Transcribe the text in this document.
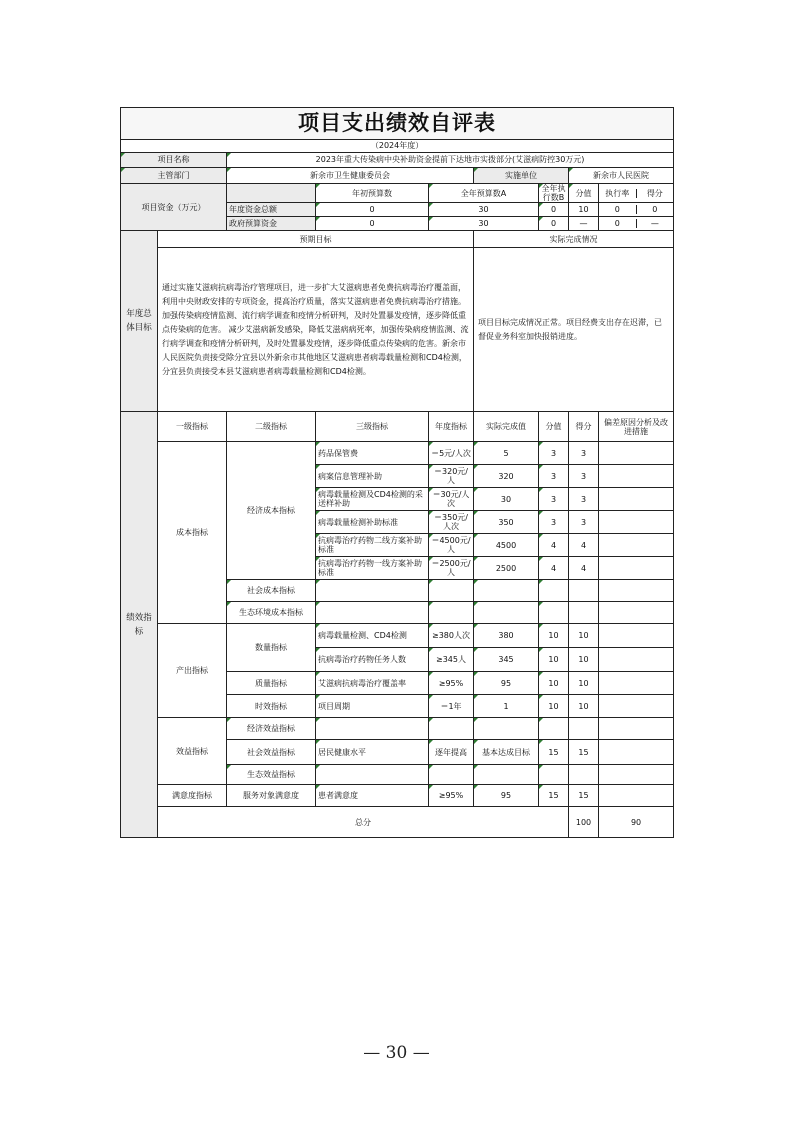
项目支出绩效自评表									
（2024年度）									
项目名称		2023年重大传染病中央补助资金提前下达地市实拨部分(艾滋病防控30万元)							
主管部门		新余市卫生健康委员会			实施单位		新余市人民医院		
项目资金（万元）			年初预算数	全年预算数A		全年执行数B	分值	执行率 得分	

		年度资金总额	0	30		0	10	0 0	

		政府预算资金	0	30		0	—	0 —	

年度总体目标	预期目标				实际完成情况				
	通过实施艾滋病抗病毒治疗管理项目，进一步扩大艾滋病患者免费抗病毒治疗覆盖面，利用中央财政安排的专项资金，提高治疗质量，落实艾滋病患者免费抗病毒治疗措施。加强传染病疫情监测、流行病学调查和疫情分析研判，及时处置暴发疫情，逐步降低重点传染病的危害。 减少艾滋病新发感染，降低艾滋病病死率，加强传染病疫情监测、流行病学调查和疫情分析研判，及时处置暴发疫情，逐步降低重点传染病的危害。新余市人民医院负责接受除分宜县以外新余市其他地区艾滋病患者病毒载量检测和CD4检测，分宜县负责接受本县艾滋病患者病毒载量检测和CD4检测。				项目目标完成情况正常。项目经费支出存在迟滞，已督促业务科室加快报销进度。				
绩效指标	一级指标	二级指标	三级指标	年度指标	实际完成值	分值	得分	偏差原因分析及改进措施	
	成本指标	经济成本指标	药品保管费	＝5元/人次	5	3	3		
			病案信息管理补助	＝320元/人	320	3	3		
			病毒载量检测及CD4检测的采送样补助	＝30元/人次	30	3	3		
			病毒载量检测补助标准	＝350元/人次	350	3	3		
			抗病毒治疗药物二线方案补助标准	＝4500元/人	4500	4	4		
			抗病毒治疗药物一线方案补助标准	＝2500元/人	2500	4	4		
		社会成本指标							
		生态环境成本指标							
	产出指标	数量指标	病毒载量检测、CD4检测	≥380人次	380	10	10		
			抗病毒治疗药物任务人数	≥345人	345	10	10		
		质量指标	艾滋病抗病毒治疗覆盖率	≥95%	95	10	10		
		时效指标	项目周期	＝1年	1	10	10		
	效益指标	经济效益指标							
		社会效益指标	居民健康水平	逐年提高	基本达成目标	15	15		
		生态效益指标							
	满意度指标	服务对象满意度	患者满意度	≥95%	95	15	15		
	总分						100	90	
— 30 —
